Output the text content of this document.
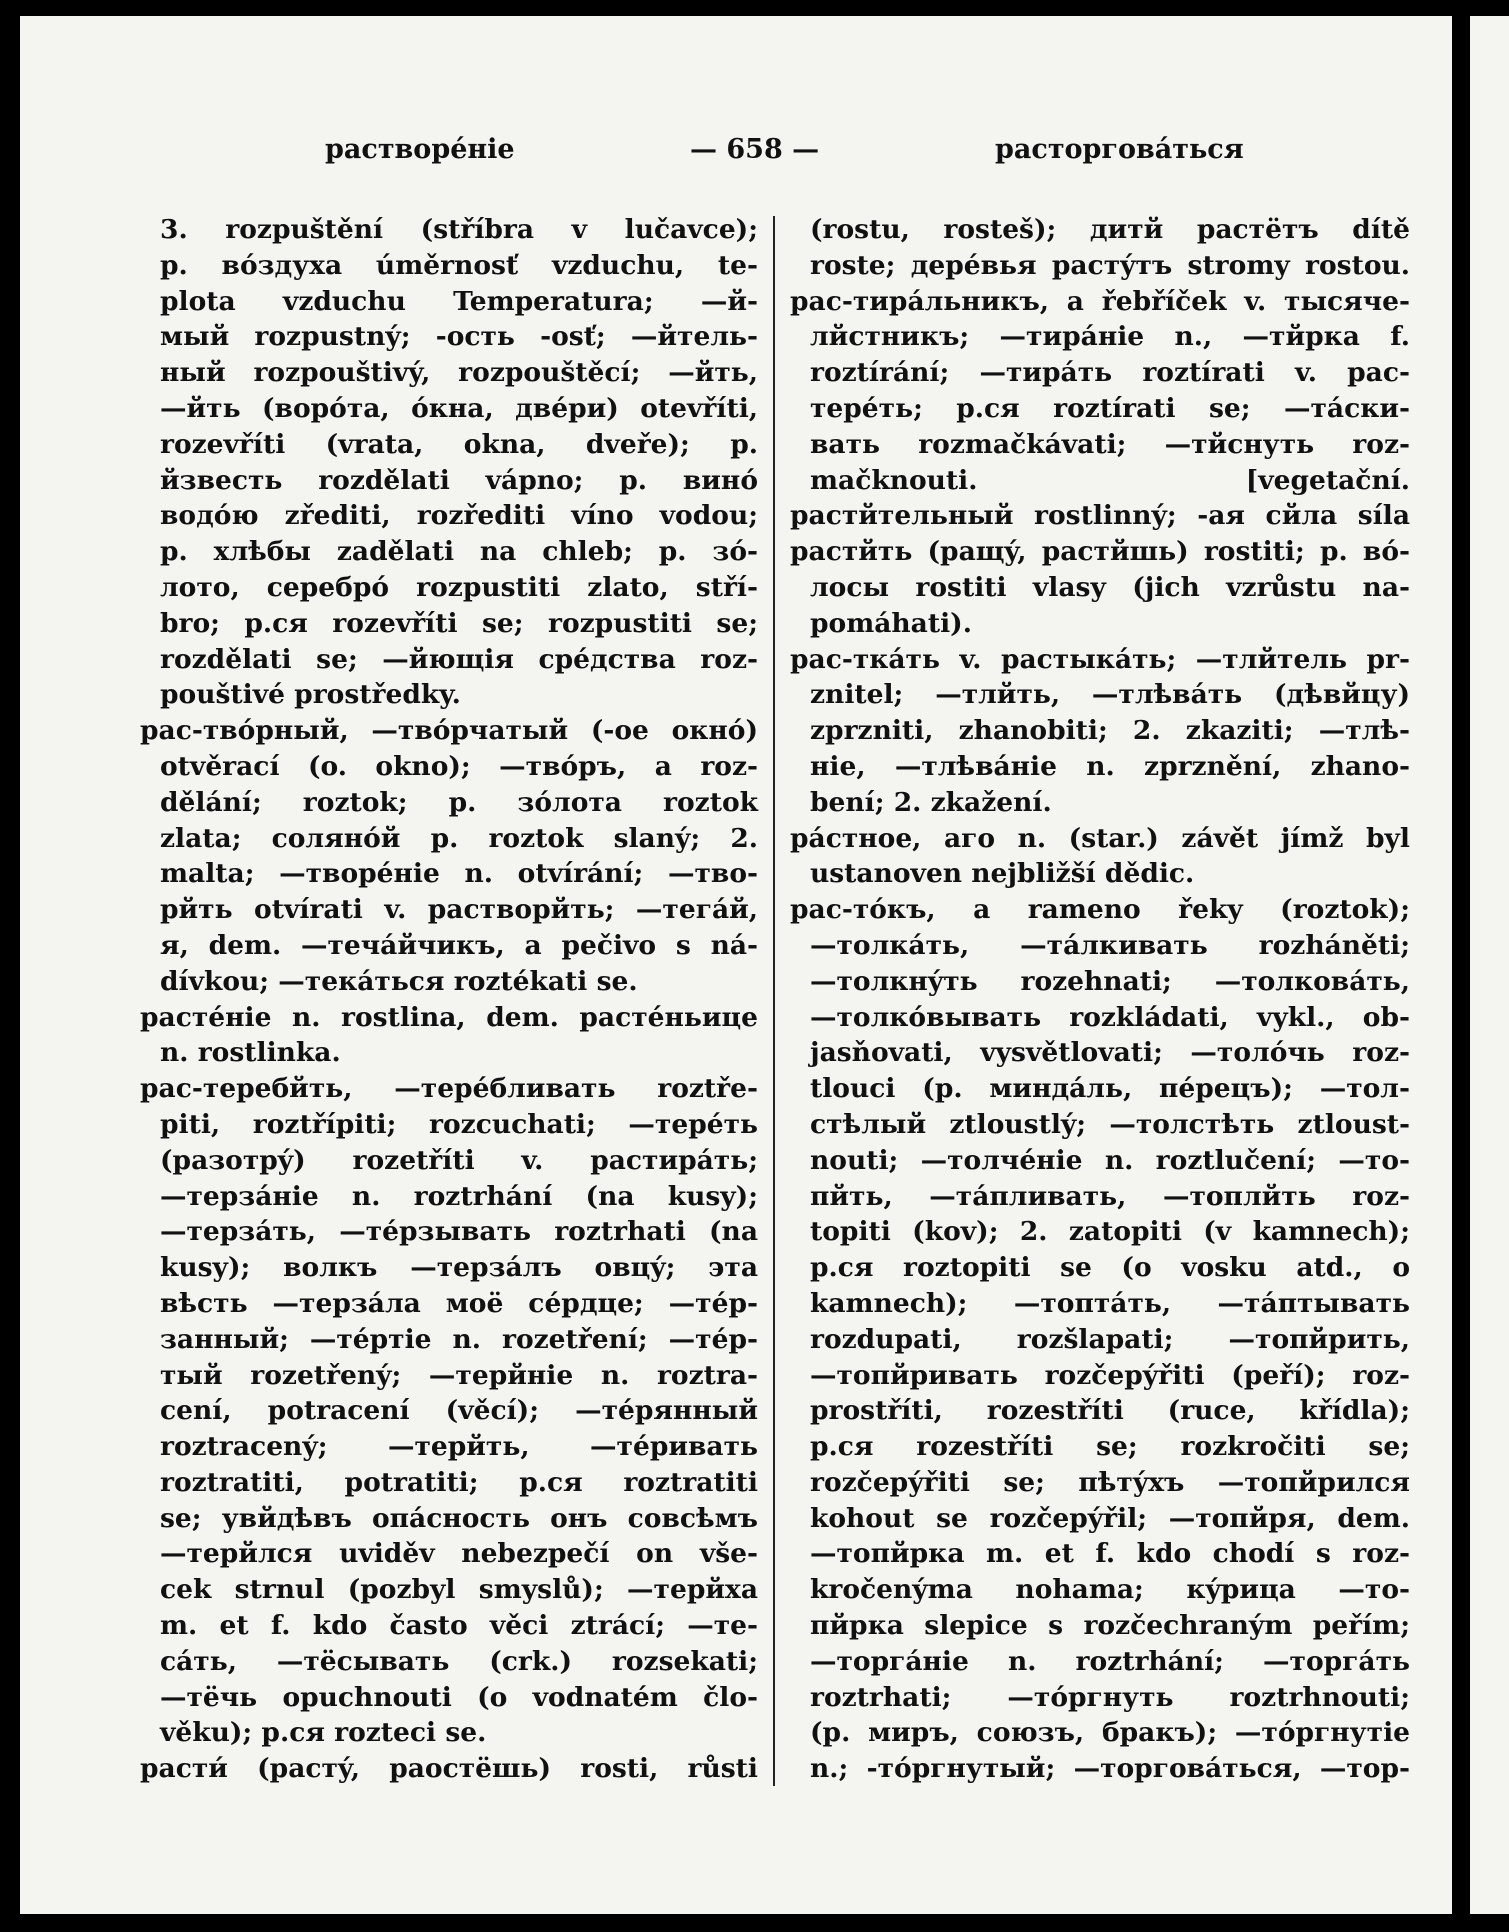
растворéніе	— 658 —	расторговáться
3. rozpuštění (stříbra v lučavce);
p. вóздуха úměrnosť vzduchu, te-
plota vzduchu Temperatura; —й-
мый rozpustný; -ость -osť; —йтель-
ный rozpouštivý, rozpouštěcí; —йть,
—йть (вoрóта, óкна, двéри) otevříti,
rozevříti (vrata, okna, dveře); p.
йзвесть rozdělati vápno; p. винó
водóю zřediti, rozřediti víno vodou;
p. хлѣбы zadělati na chleb; p. зó-
лото, серебрó rozpustiti zlato, stří-
bro; p.ся rozevříti se; rozpustiti se;
rozdělati se; —йющія срéдства roz-
pouštivé prostředky.
рас-твóрный, —твóрчатый (-ое окнó)
otvěrací (o. okno); —твóръ, a roz-
dělání; roztok; p. зóлота roztok
zlata; солянóй p. roztok slaný; 2.
malta; —творéніе n. otvírání; —тво-
рйть otvírati v. растворйть; —тегáй,
я, dem. —течáйчикъ, a pečivo s ná-
dívkou; —текáться roztékati se.
растéніе n. rostlina, dem. растéньице
n. rostlinka.
рас-теребйть, —терéбливать roztře-
piti, roztřípiti; rozcuchati; —терéть
(разотрý) rozetříti v. растирáть;
—терзáніе n. roztrhání (na kusy);
—терзáть, —тéрзывать roztrhati (na
kusy); волкъ —терзáлъ овцý; эта
вѣсть —терзáла моё сéрдце; —тéр-
занный; —тéртіе n. rozetření; —тéр-
тый rozetřený; —терйніе n. roztra-
cení, potracení (věcí); —тéрянный
roztracený; —терйть, —тéривать
roztratiti, potratiti; p.ся roztratiti
se; увйдѣвъ опáсность онъ совсѣмъ
—терйлся uviděv nebezpečí on vše-
cek strnul (pozbyl smyslů); —терйха
m. et f. kdo často věci ztrácí; —те-
cáть, —тёсывать (crk.) rozsekati;
—тёчь opuchnouti (o vodnatém člo-
věku); p.ся rozteci se.
расти́ (растý, раостёшь) rosti, růsti
(rostu, rosteš); дитй растётъ dítě
roste; дерéвья растýтъ stromy rostou.
рас-тирáльникъ, a řebříček v. тысяче-
лйстникъ; —тирáніе n., —тйрка f.
roztírání; —тирáть roztírati v. рас-
терéть; p.ся roztírati se; —тáски-
вать rozmačkávati; —тйснуть roz-
mačknouti. [vegetační.
растйтельный rostlinný; -ая сйла síla
растйть (ращý, растйшь) rostiti; p. вó-
лосы rostiti vlasy (jich vzrůstu na-
pomáhati).
рас-ткáть v. растыкáть; —тлйтель pr-
znitel; —тлйть, —тлѣвáть (дѣвйцу)
zprzniti, zhanobiti; 2. zkaziti; —тлѣ-
ніе, —тлѣвáніе n. zprznění, zhano-
bení; 2. zkažení.
рáстное, aго n. (star.) závět jímž byl
ustanoven nejbližší dědic.
рас-тóкъ, a rameno řeky (roztok);
—толкáть, —тáлкивать rozháněti;
—толкнýть rozehnati; —толковáть,
—толкóвывать rozkládati, vykl., ob-
jasňovati, vysvětlovati; —толóчь roz-
tlouci (p. миндáль, пéрецъ); —тол-
стѣлый ztloustlý; —толстѣть ztloust-
nouti; —толчéніе n. roztlučení; —то-
пйть, —тáпливать, —топлйть roz-
topiti (kov); 2. zatopiti (v kamnech);
p.ся roztopiti se (o vosku atd., o
kamnech); —топтáть, —тáптывать
rozdupati, rozšlapati; —топйрить,
—топйривать rozčepýřiti (peří); roz-
prostříti, rozestříti (ruce, křídla);
p.ся rozestříti se; rozkročiti se;
rozčepýřiti se; пѣтýхъ —топйрился
kohout se rozčepýřil; —топйря, dem.
—топйрка m. et f. kdo chodí s roz-
kročenýma nohama; кýрица —то-
пйрка slepice s rozčechraným peřím;
—торгáніе n. roztrhání; —торгáть
roztrhati; —тóргнуть roztrhnouti;
(p. миръ, союзъ, бракъ); —тóргнутіе
n.; -тóргнутый; —торговáться, —тор-
